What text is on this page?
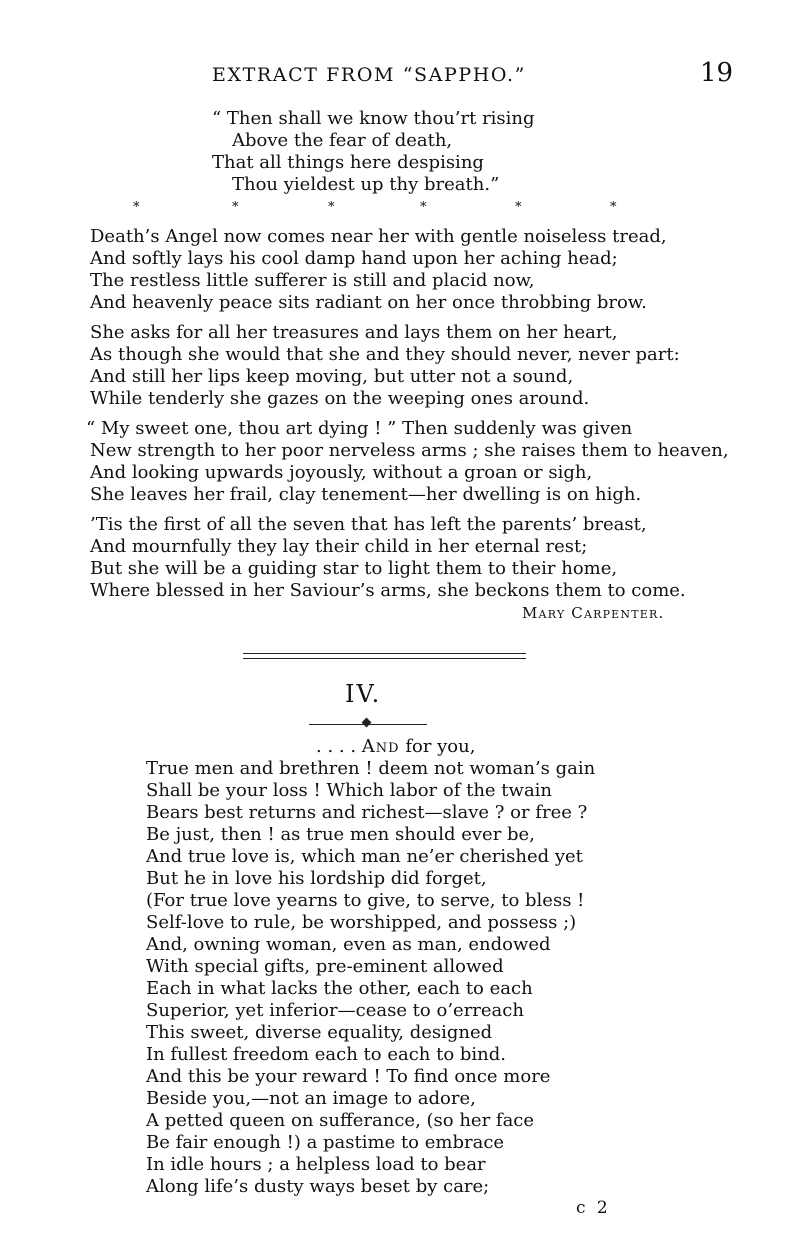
EXTRACT FROM “SAPPHO.”	19
“ Then shall we know thou’rt rising
Above the fear of death,
That all things here despising
Thou yieldest up thy breath.”
*	*	*	*	*	*
Death’s Angel now comes near her with gentle noiseless tread,
And softly lays his cool damp hand upon her aching head;
The restless little sufferer is still and placid now,
And heavenly peace sits radiant on her once throbbing brow.
She asks for all her treasures and lays them on her heart,
As though she would that she and they should never, never part:
And still her lips keep moving, but utter not a sound,
While tenderly she gazes on the weeping ones around.
“ My sweet one, thou art dying ! ” Then suddenly was given
New strength to her poor nerveless arms ; she raises them to heaven,
And looking upwards joyously, without a groan or sigh,
She leaves her frail, clay tenement—her dwelling is on high.
’Tis the first of all the seven that has left the parents’ breast,
And mournfully they lay their child in her eternal rest;
But she will be a guiding star to light them to their home,
Where blessed in her Saviour’s arms, she beckons them to come.
Mary Carpenter.
IV.
. . . . And for you,
True men and brethren ! deem not woman’s gain
Shall be your loss ! Which labor of the twain
Bears best returns and richest—slave ? or free ?
Be just, then ! as true men should ever be,
And true love is, which man ne’er cherished yet
But he in love his lordship did forget,
(For true love yearns to give, to serve, to bless !
Self-love to rule, be worshipped, and possess ;)
And, owning woman, even as man, endowed
With special gifts, pre-eminent allowed
Each in what lacks the other, each to each
Superior, yet inferior—cease to o’erreach
This sweet, diverse equality, designed
In fullest freedom each to each to bind.
And this be your reward ! To find once more
Beside you,—not an image to adore,
A petted queen on sufferance, (so her face
Be fair enough !) a pastime to embrace
In idle hours ; a helpless load to bear
Along life’s dusty ways beset by care;
c 2
